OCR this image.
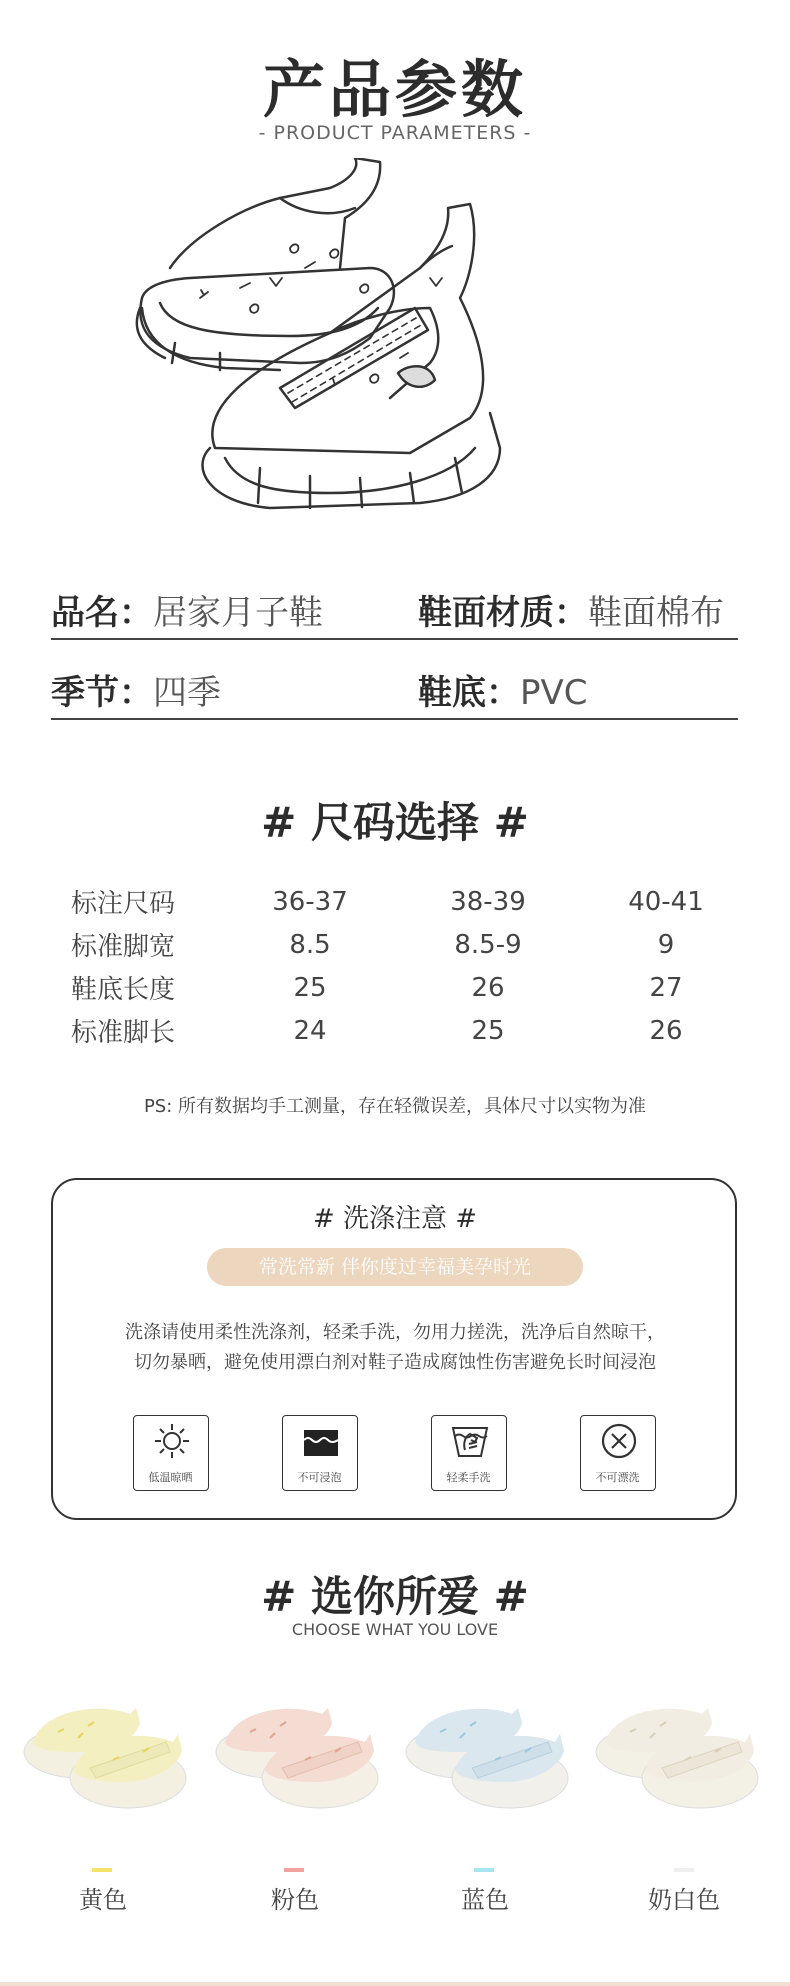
产品参数
- PRODUCT PARAMETERS -
品名：居家月子鞋	鞋面材质：鞋面棉布
季节：四季	鞋底：PVC
# 尺码选择 #
标注尺码	36-37	38-39	40-41
标准脚宽	8.5	8.5-9	9
鞋底长度	25	26	27
标准脚长	24	25	26
PS: 所有数据均手工测量，存在轻微误差，具体尺寸以实物为准
# 洗涤注意 #
常洗常新 伴你度过幸福美孕时光
洗涤请使用柔性洗涤剂，轻柔手洗，勿用力搓洗，洗净后自然晾干，
切勿暴晒，避免使用漂白剂对鞋子造成腐蚀性伤害避免长时间浸泡
低温晾晒	不可浸泡	轻柔手洗	不可漂洗
# 选你所爱 #
CHOOSE WHAT YOU LOVE
黄色	粉色	蓝色	奶白色
